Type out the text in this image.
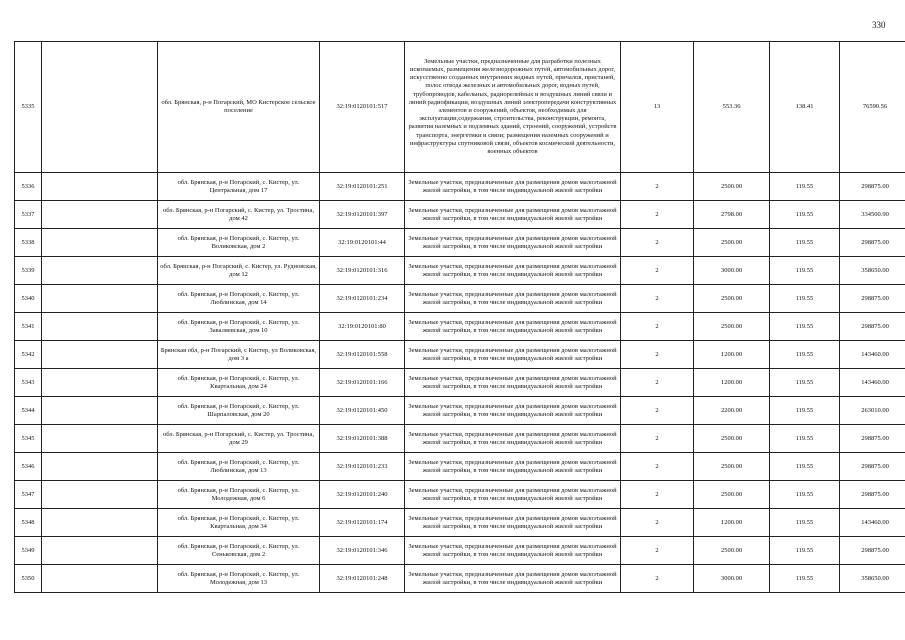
330
5335		обл. Брянская, р-н Погарский, МО Кистерское сельское поселение	32:19:0120101:517	Земельные участки, предназначенные для разработки полезных ископаемых, размещения железнодорожных путей, автомобильных дорог, искусственно созданных внутренних водных путей, причалов, пристаней, полос отвода железных и автомобильных дорог, водных путей, трубопроводов, кабельных, радиорелейных и воздушных линий связи и линий радиофикации, воздушных линий электропередачи конструктивных элементов и сооружений, объектов, необходимых для эксплуатации,содержания, строительства, реконструкции, ремонта, развития наземных и подземных зданий, строений, сооружений, устройств транспорта, энергетики и связи; размещения наземных сооружений и инфраструктуры спутниковой связи, объектов космической деятельности, военных объектов	13	553.36	138.41	76590.56
5336		обл. Брянская, р-н Погарский, с. Кистер, ул. Центральная, дом 17	32:19:0120101:251	Земельные участки, предназначенные для размещения домов малоэтажной жилой застройки, в том числе индивидуальной жилой застройки	2	2500.00	119.55	298875.00
5337		обл. Брянская, р-н Погарский, с. Кистер, ул. Тростина, дом 42	32:19:0120101:397	Земельные участки, предназначенные для размещения домов малоэтажной жилой застройки, в том числе индивидуальной жилой застройки	2	2798.00	119.55	334500.90
5338		обл. Брянская, р-н Погарский, с. Кистер, ул. Воликовская, дом 2	32:19:0120101:44	Земельные участки, предназначенные для размещения домов малоэтажной жилой застройки, в том числе индивидуальной жилой застройки	2	2500.00	119.55	298875.00
5339		обл. Брянская, р-н Погарский, с. Кистер, ул. Рудновская, дом 12	32:19:0120101:316	Земельные участки, предназначенные для размещения домов малоэтажной жилой застройки, в том числе индивидуальной жилой застройки	2	3000.00	119.55	358650.00
5340		обл. Брянская, р-н Погарский, с. Кистер, ул. Люблинская, дом 14	32:19:0120101:234	Земельные участки, предназначенные для размещения домов малоэтажной жилой застройки, в том числе индивидуальной жилой застройки	2	2500.00	119.55	298875.00
5341		обл. Брянская, р-н Погарский, с. Кистер, ул. Заваляевская, дом 10	32:19:0120101:80	Земельные участки, предназначенные для размещения домов малоэтажной жилой застройки, в том числе индивидуальной жилой застройки	2	2500.00	119.55	298875.00
5342		Брянская обл, р-н Погарский, с Кистер, ул Воликовская, дом 3 а	32:19:0120101:558	Земельные участки, предназначенные для размещения домов малоэтажной жилой застройки, в том числе индивидуальной жилой застройки	2	1200.00	119.55	143460.00
5343		обл. Брянская, р-н Погарский, с. Кистер, ул. Квартальная, дом 24	32:19:0120101:166	Земельные участки, предназначенные для размещения домов малоэтажной жилой застройки, в том числе индивидуальной жилой застройки	2	1200.00	119.55	143460.00
5344		обл. Брянская, р-н Погарский, с. Кистер, ул. Шарпаловская, дом 20	32:19:0120101:450	Земельные участки, предназначенные для размещения домов малоэтажной жилой застройки, в том числе индивидуальной жилой застройки	2	2200.00	119.55	263010.00
5345		обл. Брянская, р-н Погарский, с. Кистер, ул. Тростина, дом 29	32:19:0120101:388	Земельные участки, предназначенные для размещения домов малоэтажной жилой застройки, в том числе индивидуальной жилой застройки	2	2500.00	119.55	298875.00
5346		обл. Брянская, р-н Погарский, с. Кистер, ул. Люблинская, дом 13	32:19:0120101:233	Земельные участки, предназначенные для размещения домов малоэтажной жилой застройки, в том числе индивидуальной жилой застройки	2	2500.00	119.55	298875.00
5347		обл. Брянская, р-н Погарский, с. Кистер, ул. Молодежная, дом 6	32:19:0120101:240	Земельные участки, предназначенные для размещения домов малоэтажной жилой застройки, в том числе индивидуальной жилой застройки	2	2500.00	119.55	298875.00
5348		обл. Брянская, р-н Погарский, с. Кистер, ул. Квартальная, дом 34	32:19:0120101:174	Земельные участки, предназначенные для размещения домов малоэтажной жилой застройки, в том числе индивидуальной жилой застройки	2	1200.00	119.55	143460.00
5349		обл. Брянская, р-н Погарский, с. Кистер, ул. Сеньковская, дом 2	32:19:0120101:346	Земельные участки, предназначенные для размещения домов малоэтажной жилой застройки, в том числе индивидуальной жилой застройки	2	2500.00	119.55	298875.00
5350		обл. Брянская, р-н Погарский, с. Кистер, ул. Молодежная, дом 13	32:19:0120101:248	Земельные участки, предназначенные для размещения домов малоэтажной жилой застройки, в том числе индивидуальной жилой застройки	2	3000.00	119.55	358650.00
